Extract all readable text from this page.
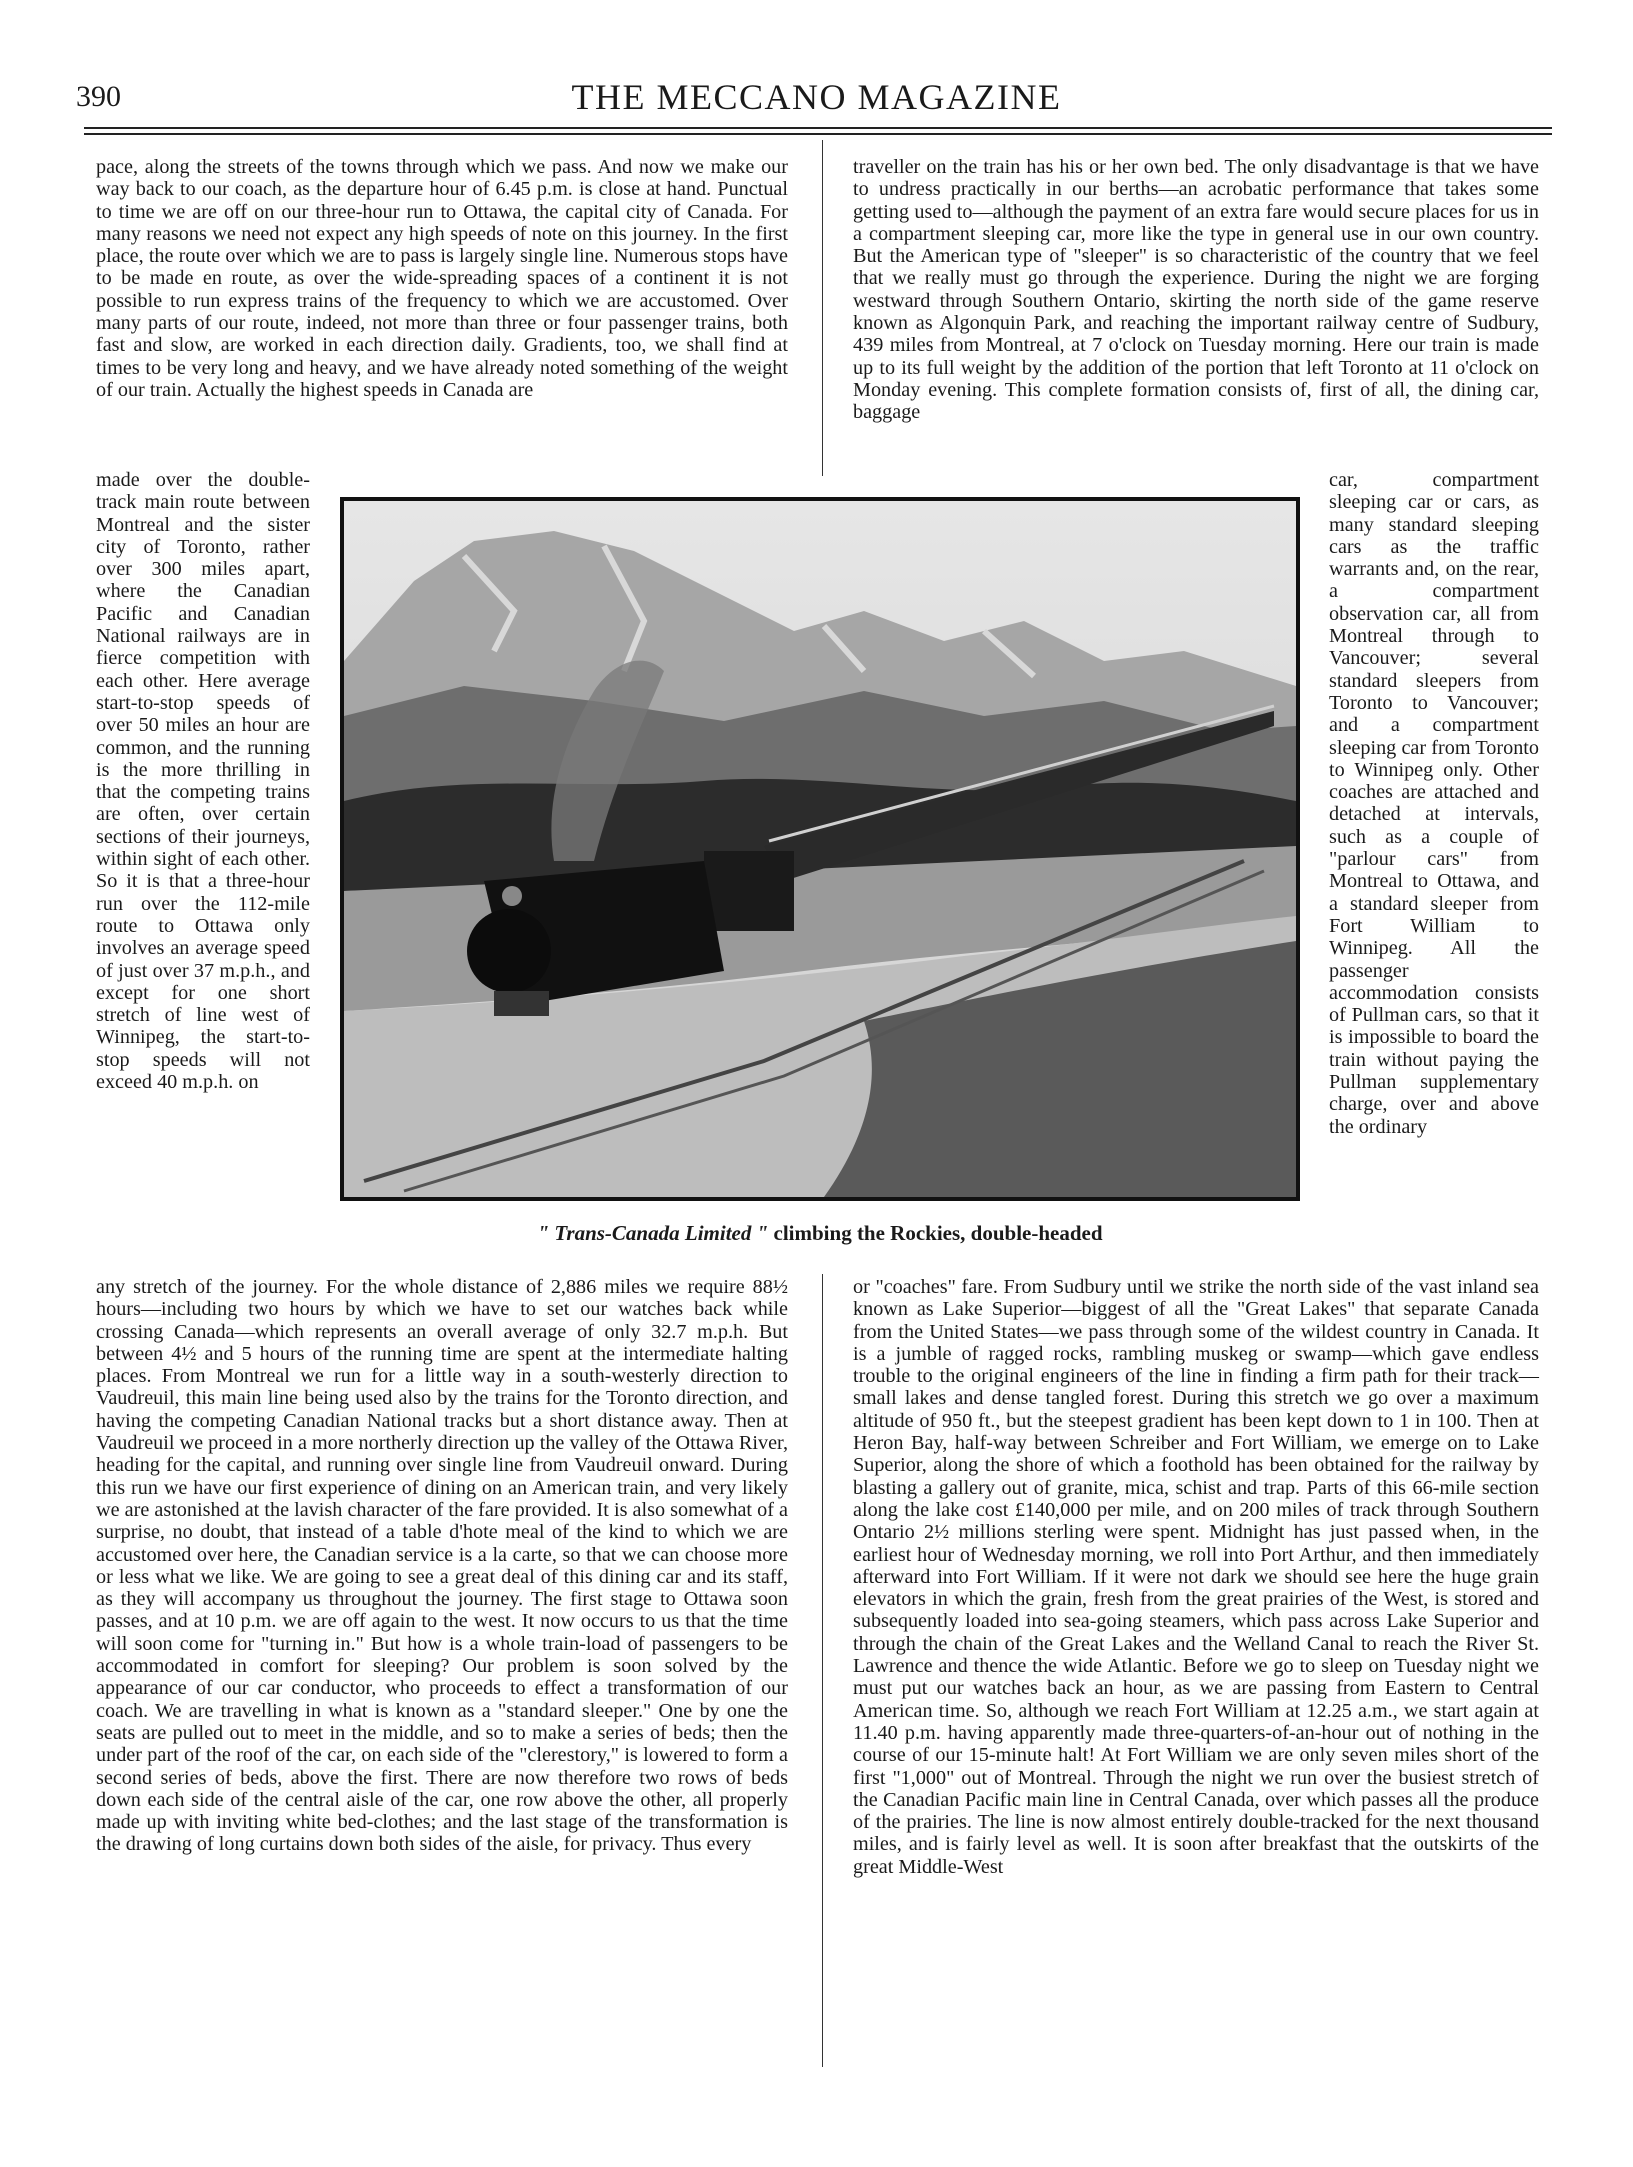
390	THE MECCANO MAGAZINE

pace, along the streets of the towns through which we pass. And now we make our way back to our coach, as the departure hour of 6.45 p.m. is close at hand. Punctual to time we are off on our three-hour run to Ottawa, the capital city of Canada. For many reasons we need not expect any high speeds of note on this journey. In the first place, the route over which we are to pass is largely single line. Numerous stops have to be made en route, as over the wide-spreading spaces of a continent it is not possible to run express trains of the frequency to which we are accustomed. Over many parts of our route, indeed, not more than three or four passenger trains, both fast and slow, are worked in each direction daily. Gradients, too, we shall find at times to be very long and heavy, and we have already noted something of the weight of our train. Actually the highest speeds in Canada are

made over the double-track main route between Montreal and the sister city of Toronto, rather over 300 miles apart, where the Canadian Pacific and Canadian National railways are in fierce competition with each other. Here average start-to-stop speeds of over 50 miles an hour are common, and the running is the more thrilling in that the competing trains are often, over certain sections of their journeys, within sight of each other. So it is that a three-hour run over the 112-mile route to Ottawa only involves an average speed of just over 37 m.p.h., and except for one short stretch of line west of Winnipeg, the start-to-stop speeds will not exceed 40 m.p.h. on

any stretch of the journey. For the whole distance of 2,886 miles we require 88½ hours—including two hours by which we have to set our watches back while crossing Canada—which represents an overall average of only 32.7 m.p.h. But between 4½ and 5 hours of the running time are spent at the intermediate halting places. From Montreal we run for a little way in a south-westerly direction to Vaudreuil, this main line being used also by the trains for the Toronto direction, and having the competing Canadian National tracks but a short distance away. Then at Vaudreuil we proceed in a more northerly direction up the valley of the Ottawa River, heading for the capital, and running over single line from Vaudreuil onward. During this run we have our first experience of dining on an American train, and very likely we are astonished at the lavish character of the fare provided. It is also somewhat of a surprise, no doubt, that instead of a table d'hote meal of the kind to which we are accustomed over here, the Canadian service is a la carte, so that we can choose more or less what we like. We are going to see a great deal of this dining car and its staff, as they will accompany us throughout the journey. The first stage to Ottawa soon passes, and at 10 p.m. we are off again to the west. It now occurs to us that the time will soon come for "turning in." But how is a whole train-load of passengers to be accommodated in comfort for sleeping? Our problem is soon solved by the appearance of our car conductor, who proceeds to effect a transformation of our coach. We are travelling in what is known as a "standard sleeper." One by one the seats are pulled out to meet in the middle, and so to make a series of beds; then the under part of the roof of the car, on each side of the "clerestory," is lowered to form a second series of beds, above the first. There are now therefore two rows of beds down each side of the central aisle of the car, one row above the other, all properly made up with inviting white bed-clothes; and the last stage of the transformation is the drawing of long curtains down both sides of the aisle, for privacy. Thus every

traveller on the train has his or her own bed. The only disadvantage is that we have to undress practically in our berths—an acrobatic performance that takes some getting used to—although the payment of an extra fare would secure places for us in a compartment sleeping car, more like the type in general use in our own country. But the American type of "sleeper" is so characteristic of the country that we feel that we really must go through the experience. During the night we are forging westward through Southern Ontario, skirting the north side of the game reserve known as Algonquin Park, and reaching the important railway centre of Sudbury, 439 miles from Montreal, at 7 o'clock on Tuesday morning. Here our train is made up to its full weight by the addition of the portion that left Toronto at 11 o'clock on Monday evening. This complete formation consists of, first of all, the dining car, baggage

car, compartment sleeping car or cars, as many standard sleeping cars as the traffic warrants and, on the rear, a compartment observation car, all from Montreal through to Vancouver; several standard sleepers from Toronto to Vancouver; and a compartment sleeping car from Toronto to Winnipeg only. Other coaches are attached and detached at intervals, such as a couple of "parlour cars" from Montreal to Ottawa, and a standard sleeper from Fort William to Winnipeg. All the passenger accommodation consists of Pullman cars, so that it is impossible to board the train without paying the Pullman supplementary charge, over and above the ordinary

or "coaches" fare. From Sudbury until we strike the north side of the vast inland sea known as Lake Superior—biggest of all the "Great Lakes" that separate Canada from the United States—we pass through some of the wildest country in Canada. It is a jumble of ragged rocks, rambling muskeg or swamp—which gave endless trouble to the original engineers of the line in finding a firm path for their track—small lakes and dense tangled forest. During this stretch we go over a maximum altitude of 950 ft., but the steepest gradient has been kept down to 1 in 100. Then at Heron Bay, half-way between Schreiber and Fort William, we emerge on to Lake Superior, along the shore of which a foothold has been obtained for the railway by blasting a gallery out of granite, mica, schist and trap. Parts of this 66-mile section along the lake cost £140,000 per mile, and on 200 miles of track through Southern Ontario 2½ millions sterling were spent. Midnight has just passed when, in the earliest hour of Wednesday morning, we roll into Port Arthur, and then immediately afterward into Fort William. If it were not dark we should see here the huge grain elevators in which the grain, fresh from the great prairies of the West, is stored and subsequently loaded into sea-going steamers, which pass across Lake Superior and through the chain of the Great Lakes and the Welland Canal to reach the River St. Lawrence and thence the wide Atlantic. Before we go to sleep on Tuesday night we must put our watches back an hour, as we are passing from Eastern to Central American time. So, although we reach Fort William at 12.25 a.m., we start again at 11.40 p.m. having apparently made three-quarters-of-an-hour out of nothing in the course of our 15-minute halt! At Fort William we are only seven miles short of the first "1,000" out of Montreal. Through the night we run over the busiest stretch of the Canadian Pacific main line in Central Canada, over which passes all the produce of the prairies. The line is now almost entirely double-tracked for the next thousand miles, and is fairly level as well. It is soon after breakfast that the outskirts of the great Middle-West

" Trans-Canada Limited " climbing the Rockies, double-headed
